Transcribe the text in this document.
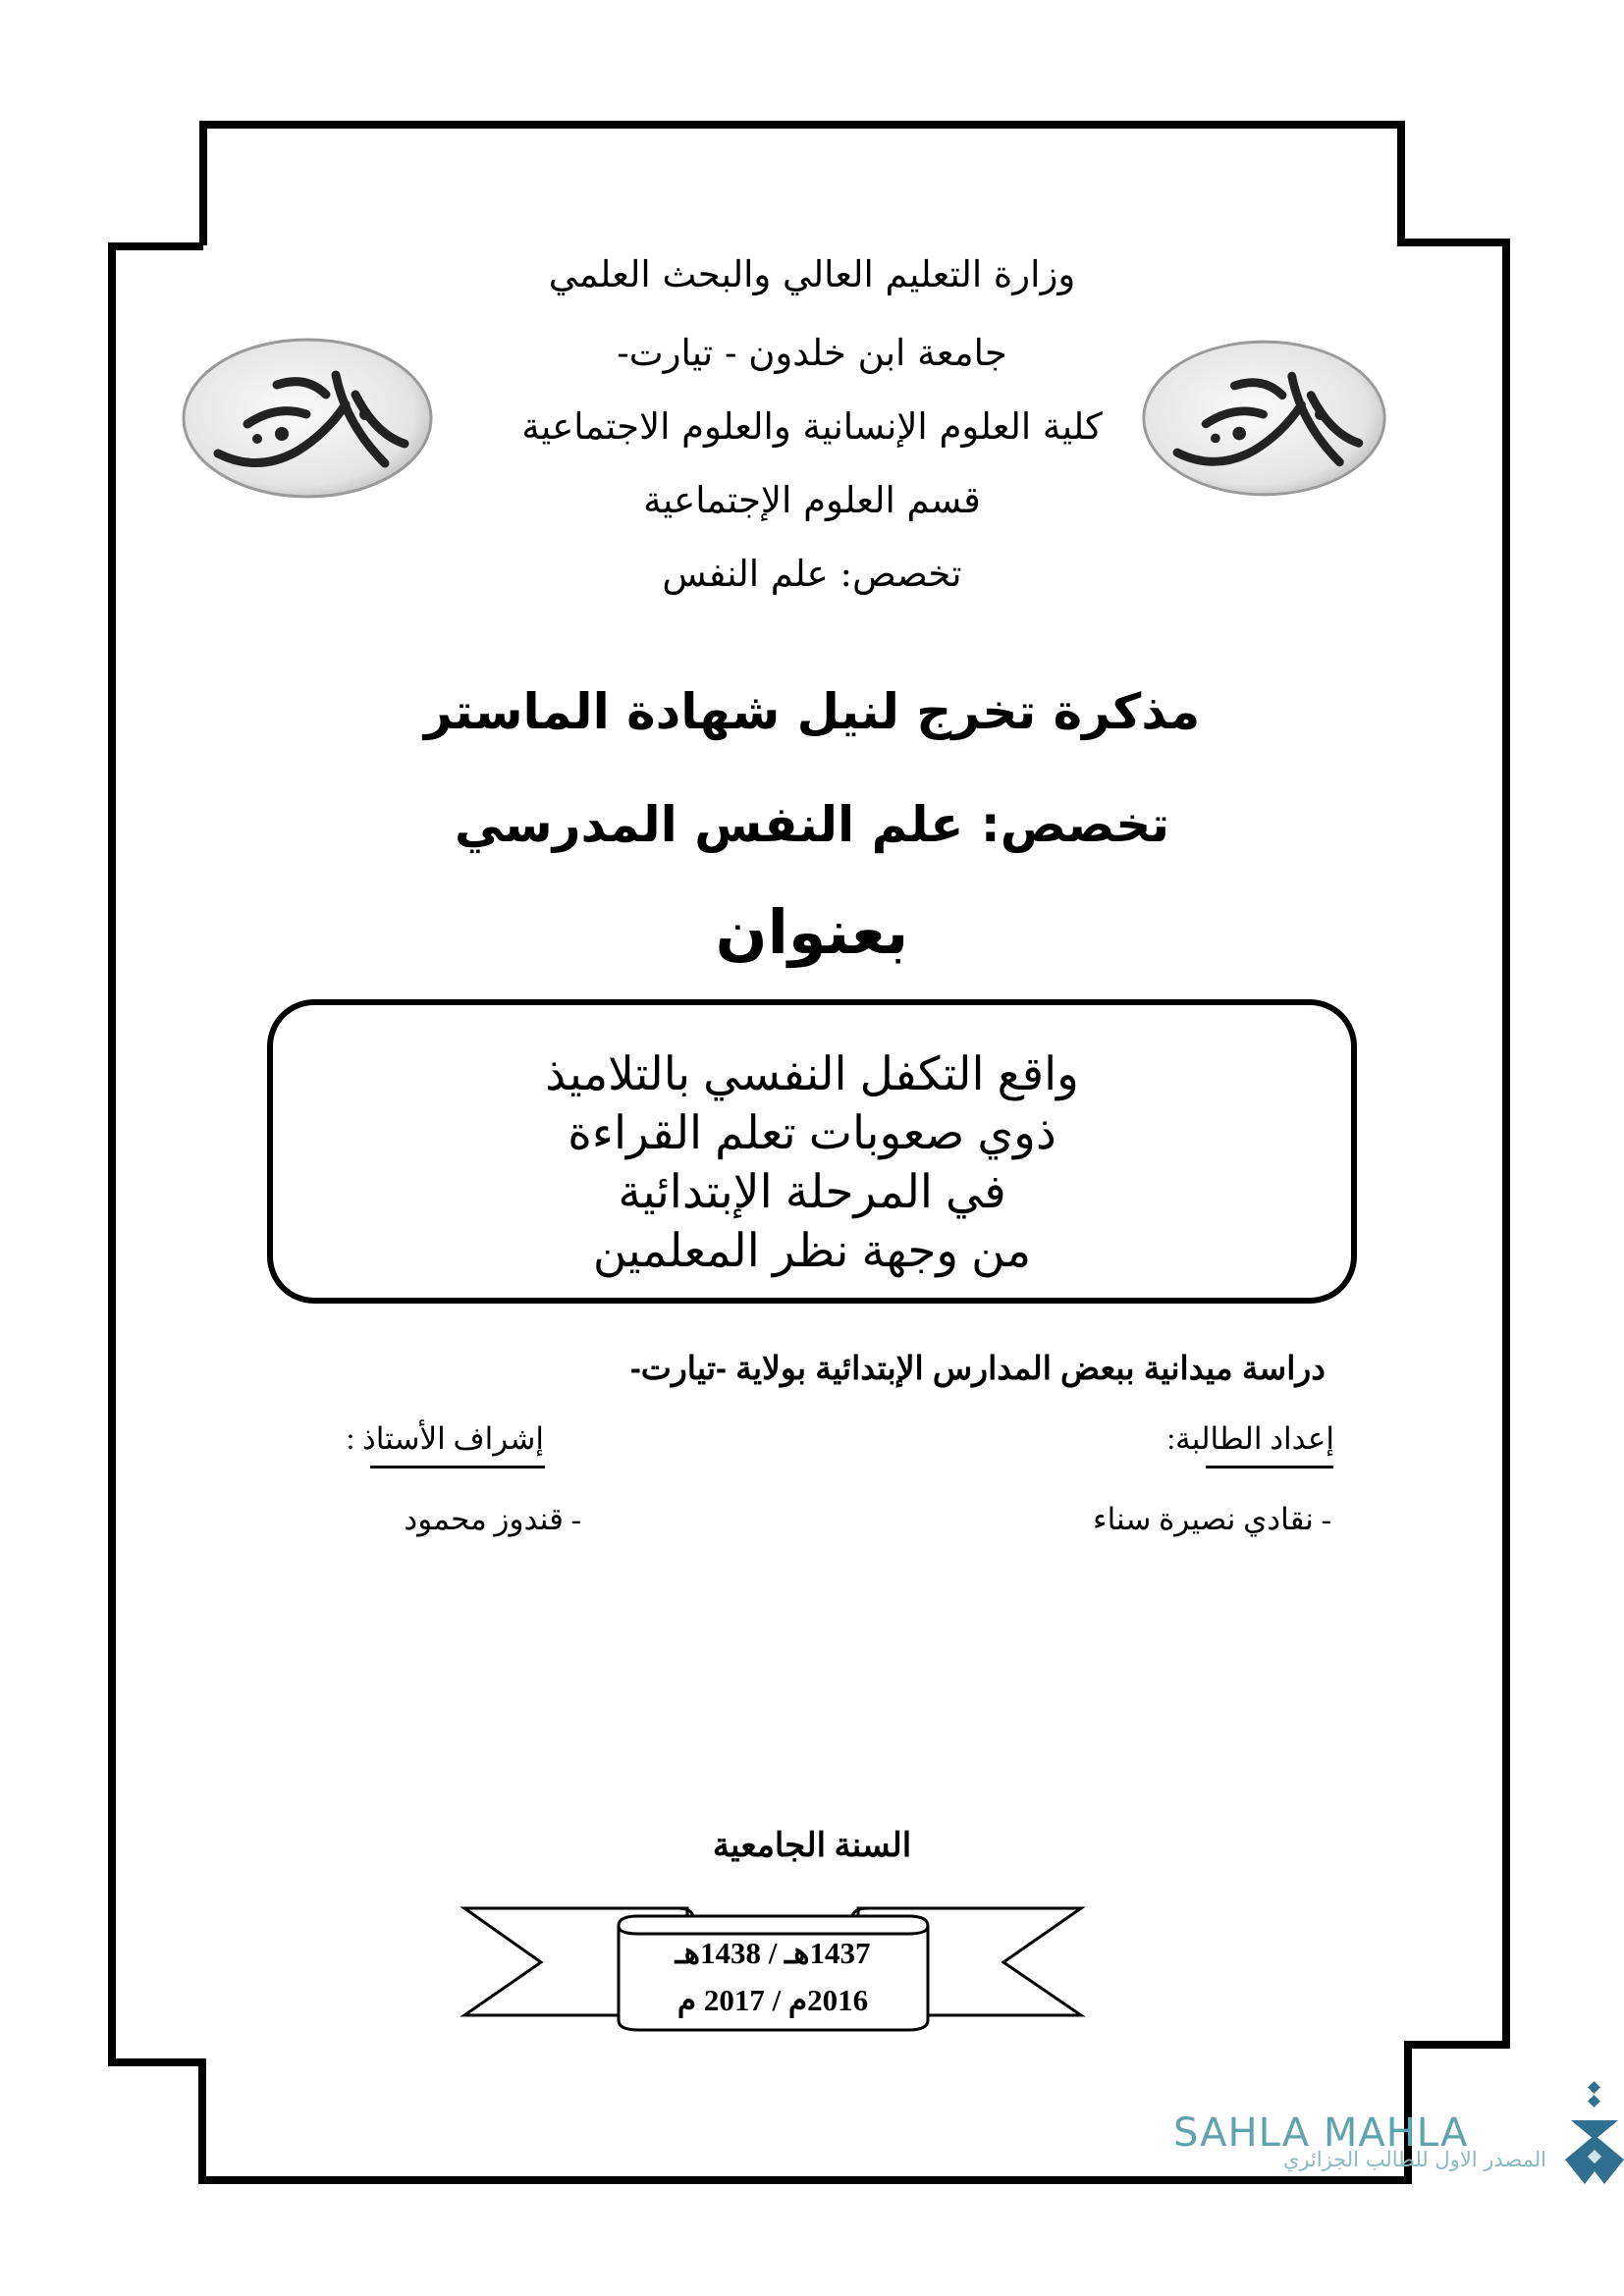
وزارة التعليم العالي والبحث العلمي
جامعة ابن خلدون - تيارت-
كلية العلوم الإنسانية والعلوم الاجتماعية
قسم العلوم الإجتماعية
تخصص: علم النفس
مذكرة تخرج لنيل شهادة الماستر
تخصص: علم النفس المدرسي
بعنوان
واقع التكفل النفسي بالتلاميذ
ذوي صعوبات تعلم القراءة
في المرحلة الإبتدائية
من وجهة نظر المعلمين
دراسة ميدانية ببعض المدارس الإبتدائية بولاية -تيارت-
إعداد الطالبة:
إشراف الأستاذ :
- نقادي نصيرة سناء
- قندوز محمود
السنة الجامعية
1437هـ / 1438هـ
2016م / 2017 م
SAHLA MAHLA
المصدر الاول للطالب الجزائري
